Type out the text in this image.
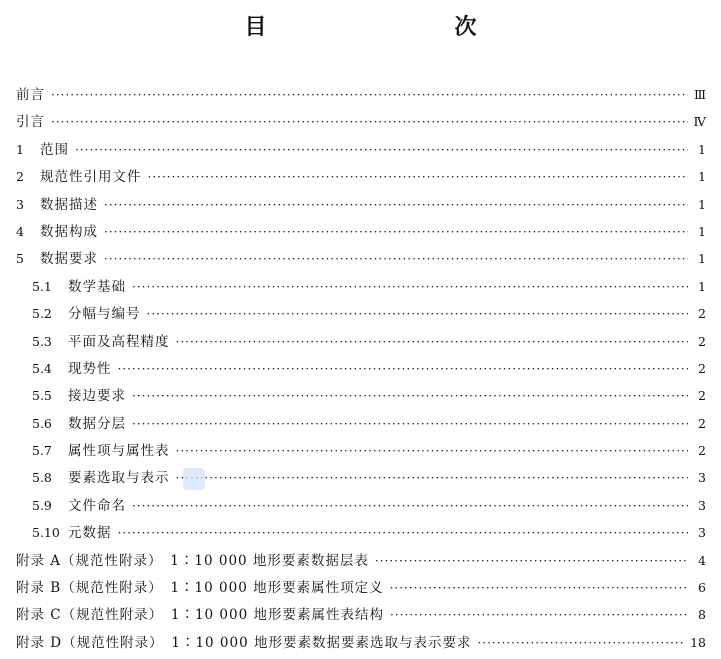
目　　次
前言 ·····	Ⅲ
引言 ·····	Ⅳ
1	范围 ·····	1
2	规范性引用文件 ·····	1
3	数据描述 ·····	1
4	数据构成 ·····	1
5	数据要求 ·····	1
5.1	数学基础 ·····	1
5.2	分幅与编号 ·····	2
5.3	平面及高程精度 ·····	2
5.4	现势性 ·····	2
5.5	接边要求 ·····	2
5.6	数据分层 ·····	2
5.7	属性项与属性表 ·····	2
5.8	要素选取与表示 ·····	3
5.9	文件命名 ·····	3
5.10 元数据 ·····	3
附录 A（规范性附录）　1∶10 000 地形要素数据层表 ·····	4
附录 B（规范性附录）　1∶10 000 地形要素属性项定义 ·····	6
附录 C（规范性附录）　1∶10 000 地形要素属性表结构 ·····	8
附录 D（规范性附录）　1∶10 000 地形要素数据要素选取与表示要求 ·····	18
